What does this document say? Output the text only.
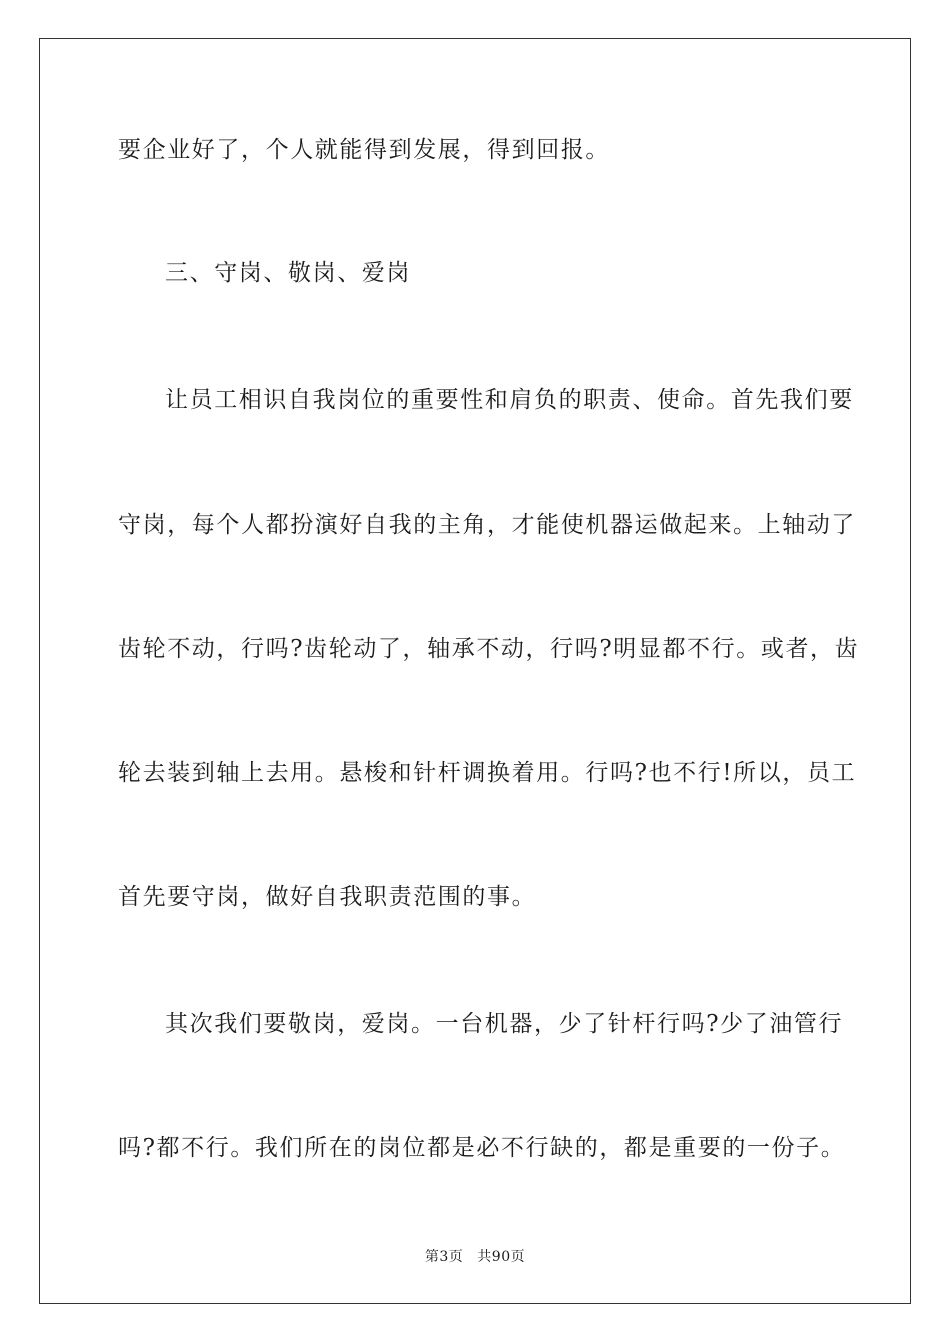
要企业好了，个人就能得到发展，得到回报。
三、守岗、敬岗、爱岗
让员工相识自我岗位的重要性和肩负的职责、使命。首先我们要
守岗，每个人都扮演好自我的主角，才能使机器运做起来。上轴动了
齿轮不动，行吗?齿轮动了，轴承不动，行吗?明显都不行。或者，齿
轮去装到轴上去用。悬梭和针杆调换着用。行吗?也不行!所以，员工
首先要守岗，做好自我职责范围的事。
其次我们要敬岗，爱岗。一台机器，少了针杆行吗?少了油管行
吗?都不行。我们所在的岗位都是必不行缺的，都是重要的一份子。
第3页 共90页
